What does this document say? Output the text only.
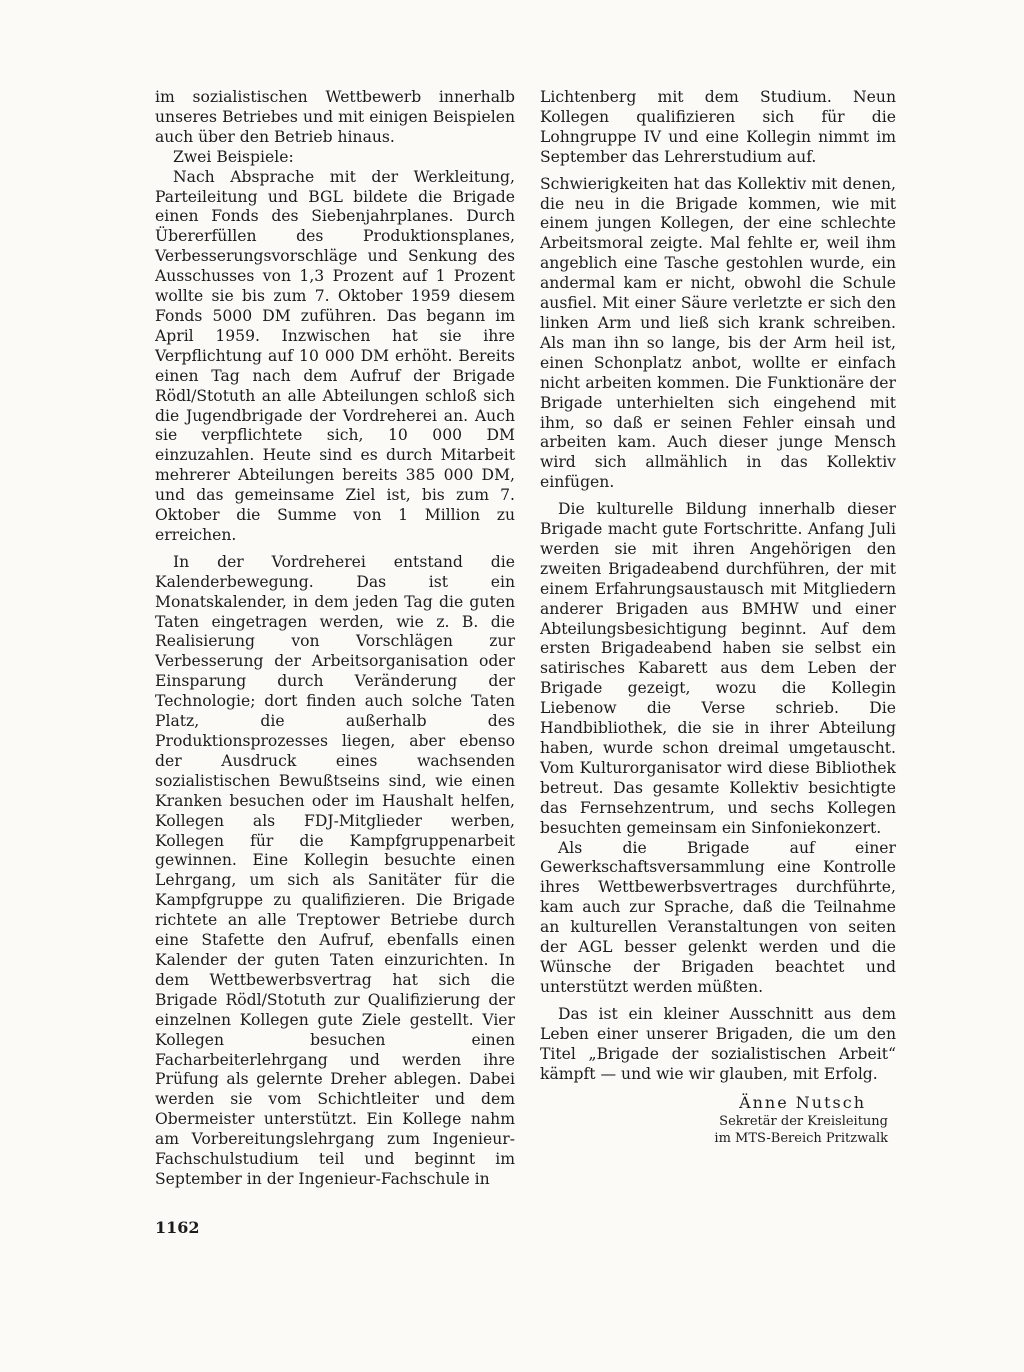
im sozialistischen Wettbewerb innerhalb unseres Betriebes und mit einigen Beispielen auch über den Betrieb hinaus.

Zwei Beispiele:

Nach Absprache mit der Werkleitung, Parteileitung und BGL bildete die Brigade einen Fonds des Siebenjahrplanes. Durch Übererfüllen des Produktionsplanes, Verbesserungsvorschläge und Senkung des Ausschusses von 1,3 Prozent auf 1 Prozent wollte sie bis zum 7. Oktober 1959 diesem Fonds 5000 DM zuführen. Das begann im April 1959. Inzwischen hat sie ihre Verpflichtung auf 10 000 DM erhöht. Bereits einen Tag nach dem Aufruf der Brigade Rödl/Stotuth an alle Abteilungen schloß sich die Jugendbrigade der Vordreherei an. Auch sie verpflichtete sich, 10 000 DM einzuzahlen. Heute sind es durch Mitarbeit mehrerer Abteilungen bereits 385 000 DM, und das gemeinsame Ziel ist, bis zum 7. Oktober die Summe von 1 Million zu erreichen.

In der Vordreherei entstand die Kalenderbewegung. Das ist ein Monatskalender, in dem jeden Tag die guten Taten eingetragen werden, wie z. B. die Realisierung von Vorschlägen zur Verbesserung der Arbeitsorganisation oder Einsparung durch Veränderung der Technologie; dort finden auch solche Taten Platz, die außerhalb des Produktionsprozesses liegen, aber ebenso der Ausdruck eines wachsenden sozialistischen Bewußtseins sind, wie einen Kranken besuchen oder im Haushalt helfen, Kollegen als FDJ-Mitglieder werben, Kollegen für die Kampfgruppenarbeit gewinnen. Eine Kollegin besuchte einen Lehrgang, um sich als Sanitäter für die Kampfgruppe zu qualifizieren. Die Brigade richtete an alle Treptower Betriebe durch eine Stafette den Aufruf, ebenfalls einen Kalender der guten Taten einzurichten. In dem Wettbewerbsvertrag hat sich die Brigade Rödl/Stotuth zur Qualifizierung der einzelnen Kollegen gute Ziele gestellt. Vier Kollegen besuchen einen Facharbeiterlehrgang und werden ihre Prüfung als gelernte Dreher ablegen. Dabei werden sie vom Schichtleiter und dem Obermeister unterstützt. Ein Kollege nahm am Vorbereitungslehrgang zum Ingenieur-Fachschulstudium teil und beginnt im September in der Ingenieur-Fachschule in

Lichtenberg mit dem Studium. Neun Kollegen qualifizieren sich für die Lohngruppe IV und eine Kollegin nimmt im September das Lehrerstudium auf.

Schwierigkeiten hat das Kollektiv mit denen, die neu in die Brigade kommen, wie mit einem jungen Kollegen, der eine schlechte Arbeitsmoral zeigte. Mal fehlte er, weil ihm angeblich eine Tasche gestohlen wurde, ein andermal kam er nicht, obwohl die Schule ausfiel. Mit einer Säure verletzte er sich den linken Arm und ließ sich krank schreiben. Als man ihn so lange, bis der Arm heil ist, einen Schonplatz anbot, wollte er einfach nicht arbeiten kommen. Die Funktionäre der Brigade unterhielten sich eingehend mit ihm, so daß er seinen Fehler einsah und arbeiten kam. Auch dieser junge Mensch wird sich allmählich in das Kollektiv einfügen.

Die kulturelle Bildung innerhalb dieser Brigade macht gute Fortschritte. Anfang Juli werden sie mit ihren Angehörigen den zweiten Brigadeabend durchführen, der mit einem Erfahrungsaustausch mit Mitgliedern anderer Brigaden aus BMHW und einer Abteilungsbesichtigung beginnt. Auf dem ersten Brigadeabend haben sie selbst ein satirisches Kabarett aus dem Leben der Brigade gezeigt, wozu die Kollegin Liebenow die Verse schrieb. Die Handbibliothek, die sie in ihrer Abteilung haben, wurde schon dreimal umgetauscht. Vom Kulturorganisator wird diese Bibliothek betreut. Das gesamte Kollektiv besichtigte das Fernsehzentrum, und sechs Kollegen besuchten gemeinsam ein Sinfoniekonzert.

Als die Brigade auf einer Gewerkschaftsversammlung eine Kontrolle ihres Wettbewerbsvertrages durchführte, kam auch zur Sprache, daß die Teilnahme an kulturellen Veranstaltungen von seiten der AGL besser gelenkt werden und die Wünsche der Brigaden beachtet und unterstützt werden müßten.

Das ist ein kleiner Ausschnitt aus dem Leben einer unserer Brigaden, die um den Titel „Brigade der sozialistischen Arbeit“ kämpft — und wie wir glauben, mit Erfolg.

Änne Nutsch

Sekretär der Kreisleitung

im MTS-Bereich Pritzwalk

1162
